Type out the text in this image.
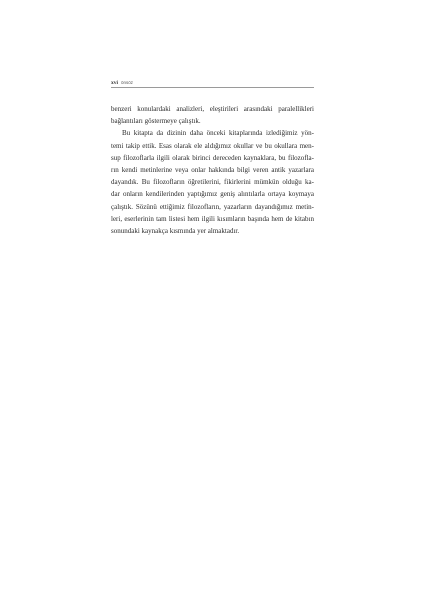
xvi önsöz
benzeri konulardaki analizleri, eleştirileri arasındaki paralellikleri
bağlantıları göstermeye çalıştık.
Bu kitapta da dizinin daha önceki kitaplarında izlediğimiz yön-
temi takip ettik. Esas olarak ele aldığımız okullar ve bu okullara men-
sup filozoflarla ilgili olarak birinci dereceden kaynaklara, bu filozofla-
rın kendi metinlerine veya onlar hakkında bilgi veren antik yazarlara
dayandık. Bu filozofların öğretilerini, fikirlerini mümkün olduğu ka-
dar onların kendilerinden yaptığımız geniş alıntılarla ortaya koymaya
çalıştık. Sözünü ettiğimiz filozofların, yazarların dayandığımız metin-
leri, eserlerinin tam listesi hem ilgili kısımların başında hem de kitabın
sonundaki kaynakça kısmında yer almaktadır.
